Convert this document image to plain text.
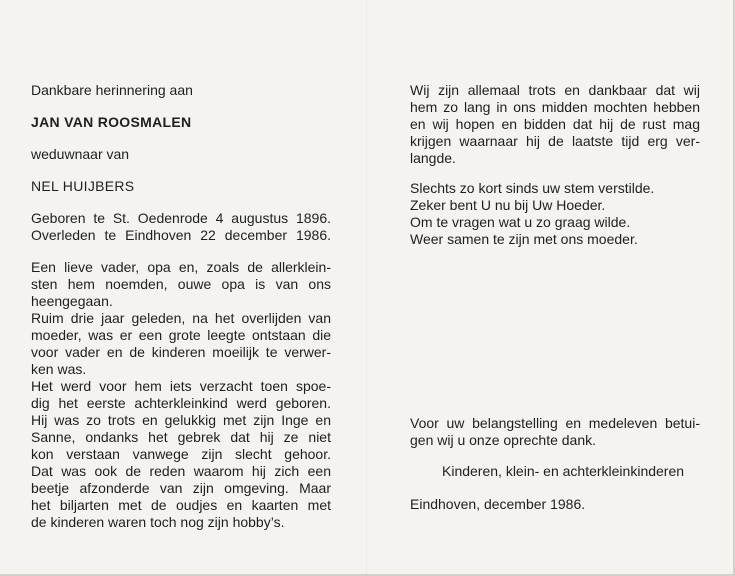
Dankbare herinnering aan
JAN VAN ROOSMALEN
weduwnaar van
NEL HUIJBERS
Geboren te St. Oedenrode 4 augustus 1896.
Overleden te Eindhoven 22 december 1986.
Een lieve vader, opa en, zoals de allerklein-
sten hem noemden, ouwe opa is van ons
heengegaan.
Ruim drie jaar geleden, na het overlijden van
moeder, was er een grote leegte ontstaan die
voor vader en de kinderen moeilijk te verwer-
ken was.
Het werd voor hem iets verzacht toen spoe-
dig het eerste achterkleinkind werd geboren.
Hij was zo trots en gelukkig met zijn Inge en
Sanne, ondanks het gebrek dat hij ze niet
kon verstaan vanwege zijn slecht gehoor.
Dat was ook de reden waarom hij zich een
beetje afzonderde van zijn omgeving. Maar
het biljarten met de oudjes en kaarten met
de kinderen waren toch nog zijn hobby’s.
Wij zijn allemaal trots en dankbaar dat wij
hem zo lang in ons midden mochten hebben
en wij hopen en bidden dat hij de rust mag
krijgen waarnaar hij de laatste tijd erg ver-
langde.
Slechts zo kort sinds uw stem verstilde.
Zeker bent U nu bij Uw Hoeder.
Om te vragen wat u zo graag wilde.
Weer samen te zijn met ons moeder.
Voor uw belangstelling en medeleven betui-
gen wij u onze oprechte dank.
Kinderen, klein- en achterkleinkinderen
Eindhoven, december 1986.
